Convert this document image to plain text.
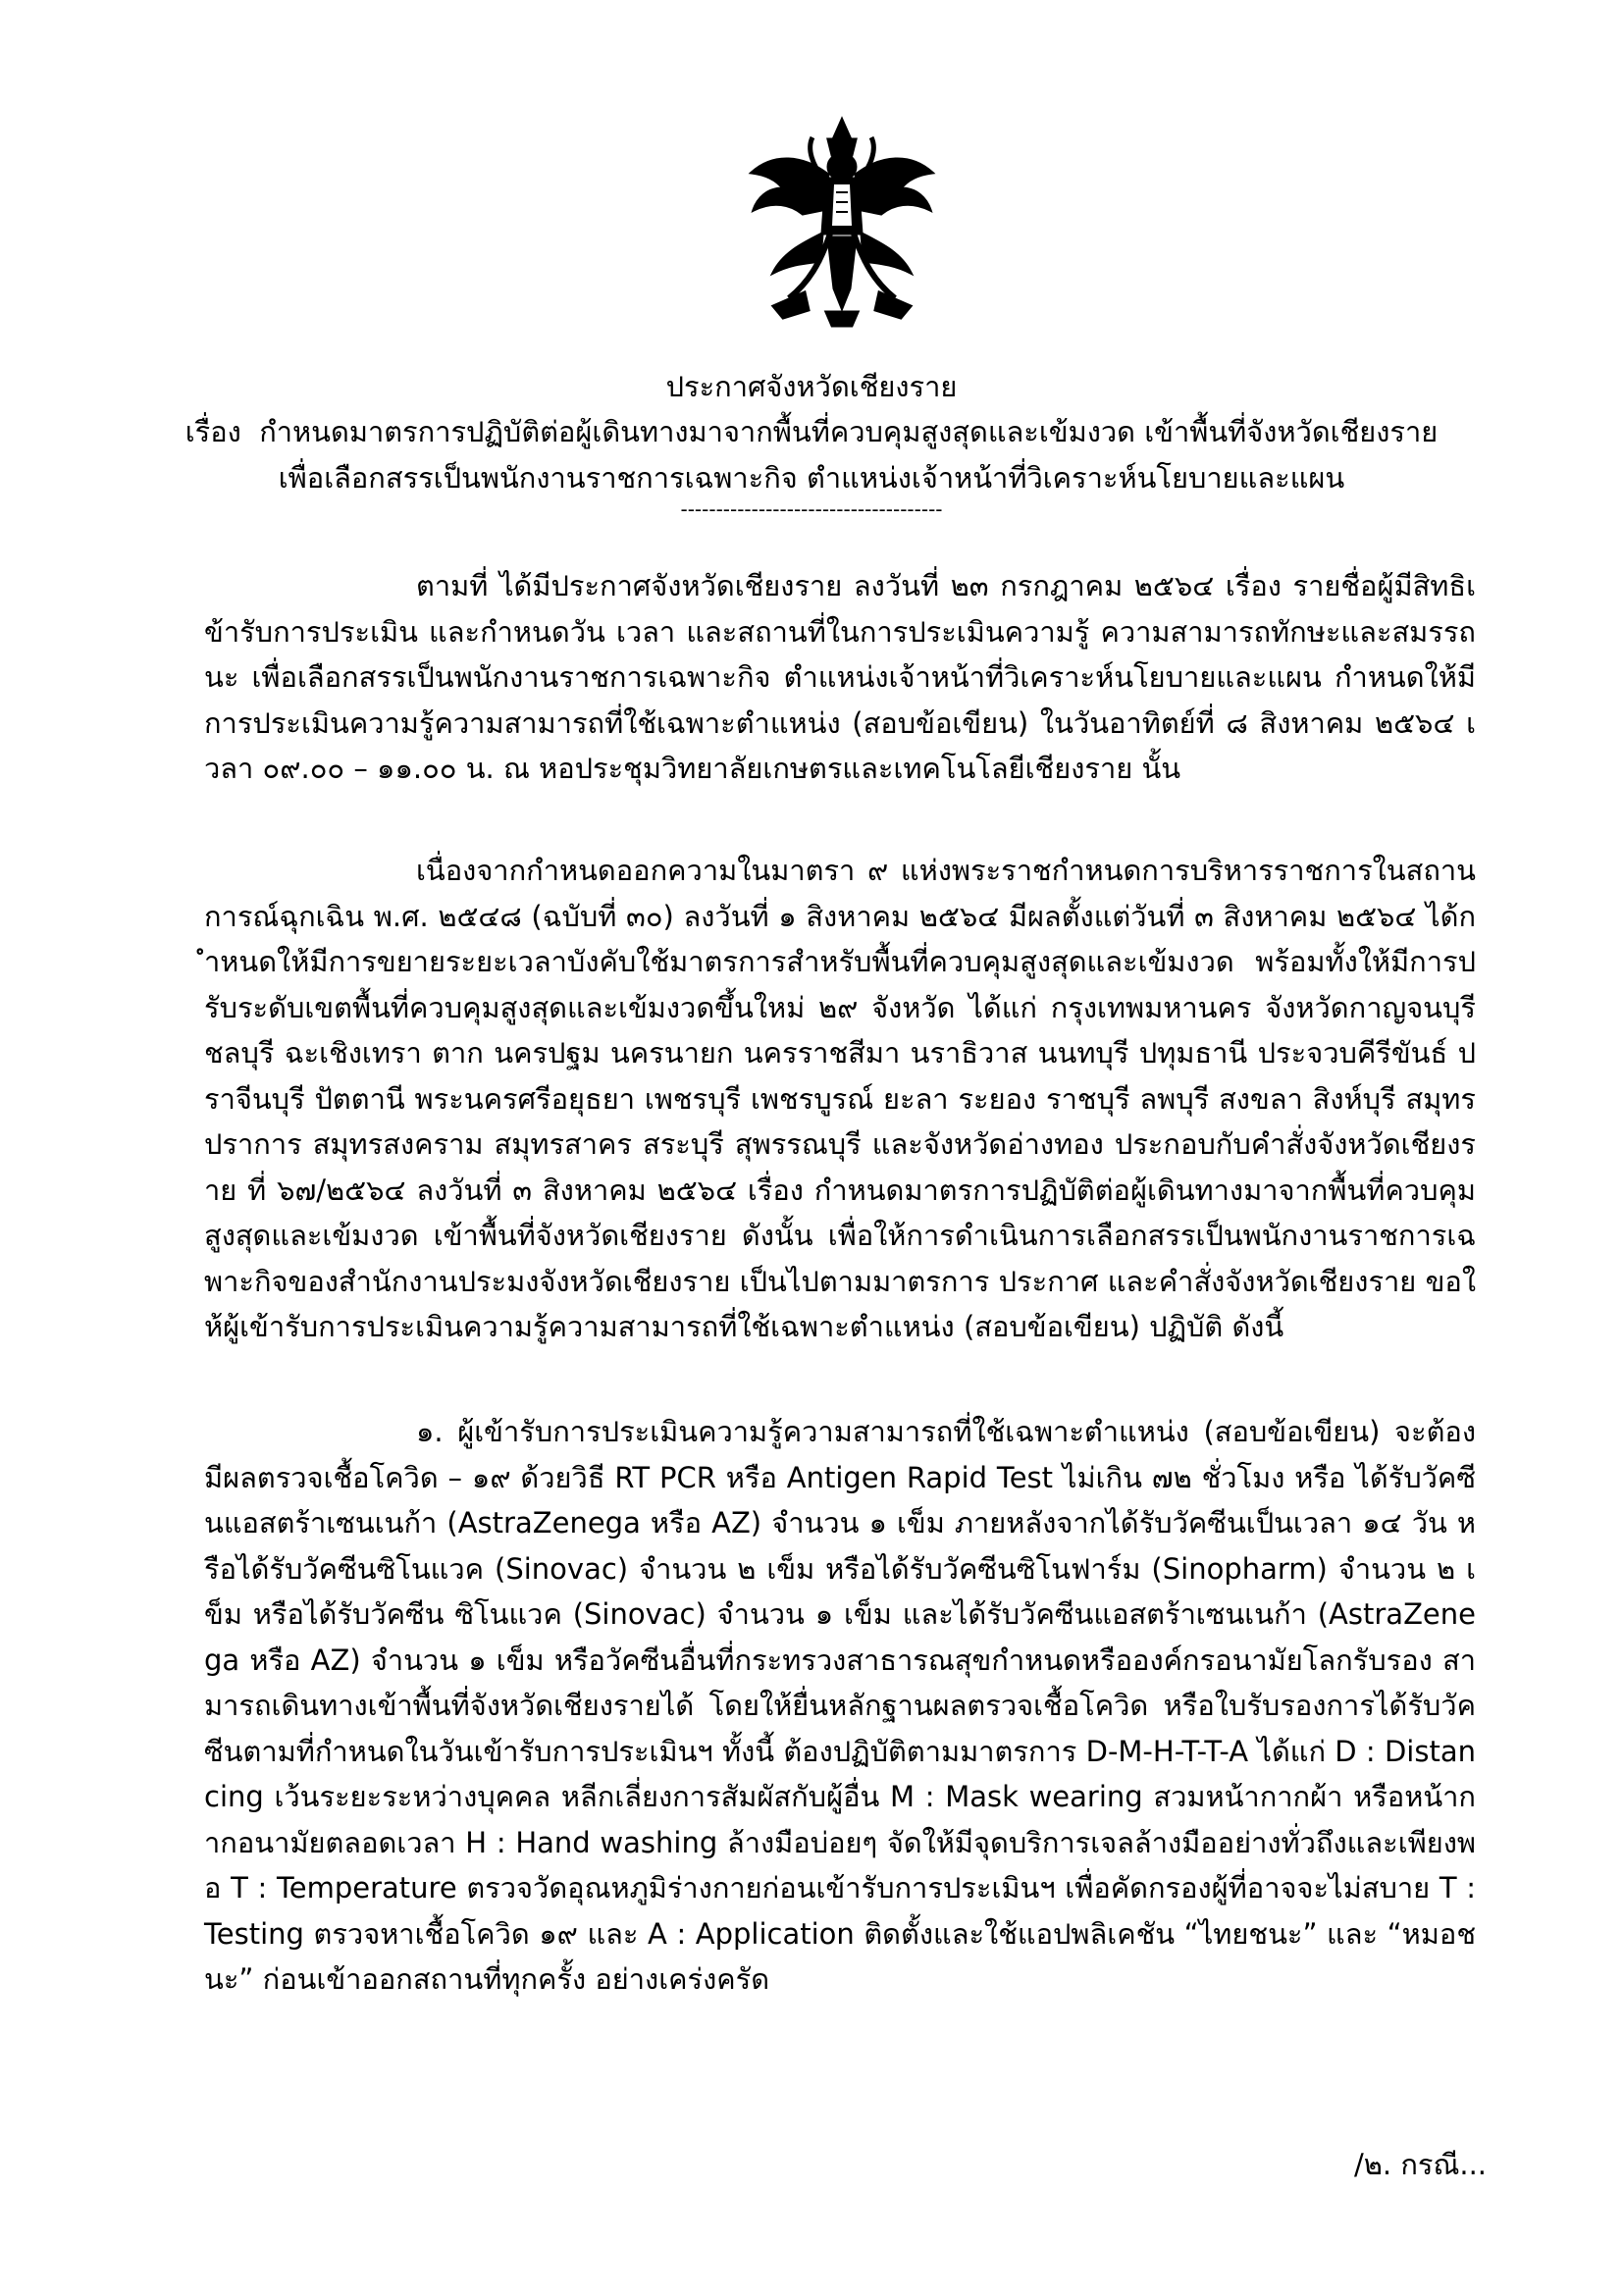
ประกาศจังหวัดเชียงราย
เรื่อง  กำหนดมาตรการปฏิบัติต่อผู้เดินทางมาจากพื้นที่ควบคุมสูงสุดและเข้มงวด เข้าพื้นที่จังหวัดเชียงราย
เพื่อเลือกสรรเป็นพนักงานราชการเฉพาะกิจ ตำแหน่งเจ้าหน้าที่วิเคราะห์นโยบายและแผน
-------------------------------------

ตามที่ ได้มีประกาศจังหวัดเชียงราย ลงวันที่ ๒๓ กรกฎาคม ๒๕๖๔ เรื่อง รายชื่อผู้มีสิทธิเข้ารับการประเมิน และกำหนดวัน เวลา และสถานที่ในการประเมินความรู้ ความสามารถทักษะและสมรรถนะ เพื่อเลือกสรรเป็นพนักงานราชการเฉพาะกิจ ตำแหน่งเจ้าหน้าที่วิเคราะห์นโยบายและแผน กำหนดให้มีการประเมินความรู้ความสามารถที่ใช้เฉพาะตำแหน่ง (สอบข้อเขียน) ในวันอาทิตย์ที่ ๘ สิงหาคม ๒๕๖๔ เวลา ๐๙.๐๐ – ๑๑.๐๐ น. ณ หอประชุมวิทยาลัยเกษตรและเทคโนโลยีเชียงราย นั้น

เนื่องจากกำหนดออกความในมาตรา ๙ แห่งพระราชกำหนดการบริหารราชการในสถานการณ์ฉุกเฉิน พ.ศ. ๒๕๔๘ (ฉบับที่ ๓๐) ลงวันที่ ๑ สิงหาคม ๒๕๖๔ มีผลตั้งแต่วันที่ ๓ สิงหาคม ๒๕๖๔ ได้กำหนดให้มีการขยายระยะเวลาบังคับใช้มาตรการสำหรับพื้นที่ควบคุมสูงสุดและเข้มงวด พร้อมทั้งให้มีการปรับระดับเขตพื้นที่ควบคุมสูงสุดและเข้มงวดขึ้นใหม่ ๒๙ จังหวัด ได้แก่ กรุงเทพมหานคร จังหวัดกาญจนบุรี ชลบุรี ฉะเชิงเทรา ตาก นครปฐม นครนายก นครราชสีมา นราธิวาส นนทบุรี ปทุมธานี ประจวบคีรีขันธ์ ปราจีนบุรี ปัตตานี พระนครศรีอยุธยา เพชรบุรี เพชรบูรณ์ ยะลา ระยอง ราชบุรี ลพบุรี สงขลา สิงห์บุรี สมุทรปราการ สมุทรสงคราม สมุทรสาคร สระบุรี สุพรรณบุรี และจังหวัดอ่างทอง ประกอบกับคำสั่งจังหวัดเชียงราย ที่ ๖๗/๒๕๖๔ ลงวันที่ ๓ สิงหาคม ๒๕๖๔ เรื่อง กำหนดมาตรการปฏิบัติต่อผู้เดินทางมาจากพื้นที่ควบคุมสูงสุดและเข้มงวด เข้าพื้นที่จังหวัดเชียงราย ดังนั้น เพื่อให้การดำเนินการเลือกสรรเป็นพนักงานราชการเฉพาะกิจของสำนักงานประมงจังหวัดเชียงราย เป็นไปตามมาตรการ ประกาศ และคำสั่งจังหวัดเชียงราย ขอให้ผู้เข้ารับการประเมินความรู้ความสามารถที่ใช้เฉพาะตำแหน่ง (สอบข้อเขียน) ปฏิบัติ ดังนี้

๑. ผู้เข้ารับการประเมินความรู้ความสามารถที่ใช้เฉพาะตำแหน่ง (สอบข้อเขียน) จะต้องมีผลตรวจเชื้อโควิด – ๑๙ ด้วยวิธี RT PCR หรือ Antigen Rapid Test ไม่เกิน ๗๒ ชั่วโมง หรือ ได้รับวัคซีนแอสตร้าเซนเนก้า (AstraZenega หรือ AZ) จำนวน ๑ เข็ม ภายหลังจากได้รับวัคซีนเป็นเวลา ๑๔ วัน หรือได้รับวัคซีนซิโนแวค (Sinovac) จำนวน ๒ เข็ม หรือได้รับวัคซีนซิโนฟาร์ม (Sinopharm) จำนวน ๒ เข็ม หรือได้รับวัคซีน ซิโนแวค (Sinovac) จำนวน ๑ เข็ม และได้รับวัคซีนแอสตร้าเซนเนก้า (AstraZenega หรือ AZ) จำนวน ๑ เข็ม หรือวัคซีนอื่นที่กระทรวงสาธารณสุขกำหนดหรือองค์กรอนามัยโลกรับรอง สามารถเดินทางเข้าพื้นที่จังหวัดเชียงรายได้ โดยให้ยื่นหลักฐานผลตรวจเชื้อโควิด หรือใบรับรองการได้รับวัคซีนตามที่กำหนดในวันเข้ารับการประเมินฯ ทั้งนี้ ต้องปฏิบัติตามมาตรการ D-M-H-T-T-A ได้แก่ D : Distancing เว้นระยะระหว่างบุคคล หลีกเลี่ยงการสัมผัสกับผู้อื่น M : Mask wearing สวมหน้ากากผ้า หรือหน้ากากอนามัยตลอดเวลา H : Hand washing ล้างมือบ่อยๆ จัดให้มีจุดบริการเจลล้างมืออย่างทั่วถึงและเพียงพอ T : Temperature ตรวจวัดอุณหภูมิร่างกายก่อนเข้ารับการประเมินฯ เพื่อคัดกรองผู้ที่อาจจะไม่สบาย T : Testing ตรวจหาเชื้อโควิด ๑๙ และ A : Application ติดตั้งและใช้แอปพลิเคชัน “ไทยชนะ” และ “หมอชนะ” ก่อนเข้าออกสถานที่ทุกครั้ง อย่างเคร่งครัด

/๒. กรณี...
